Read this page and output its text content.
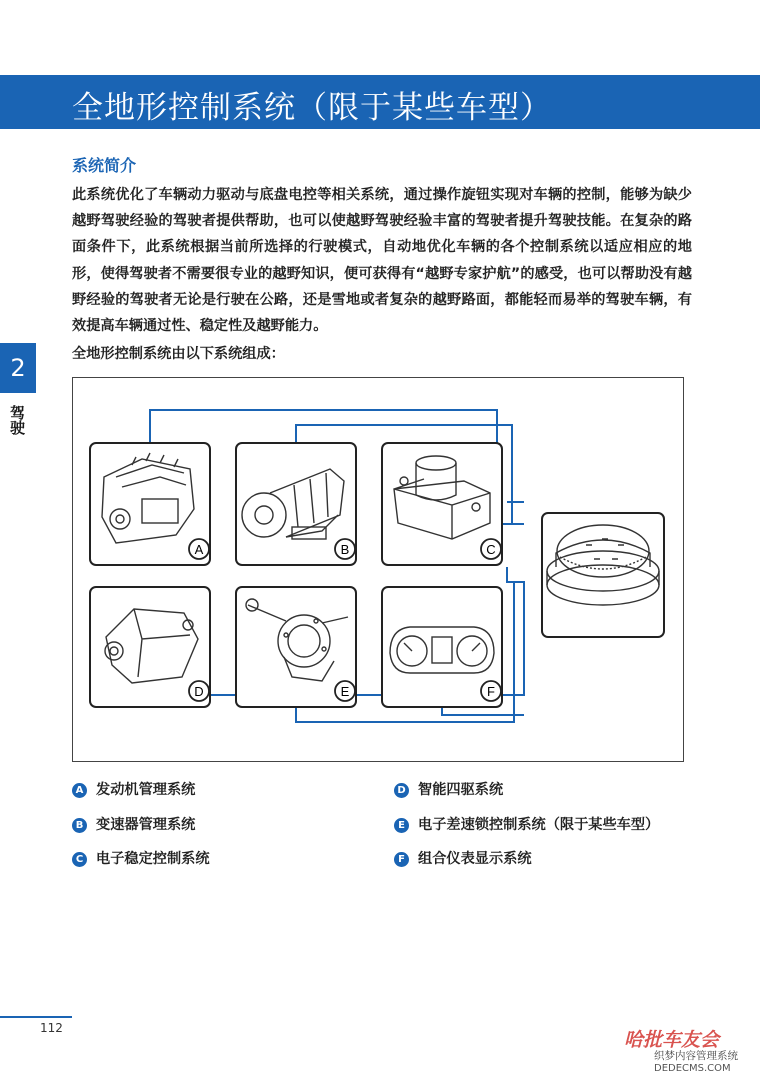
全地形控制系统（限于某些车型）
2
驾驶
系统简介
此系统优化了车辆动力驱动与底盘电控等相关系统，通过操作旋钮实现对车辆的控制，能够为缺少越野驾驶经验的驾驶者提供帮助，也可以使越野驾驶经验丰富的驾驶者提升驾驶技能。在复杂的路面条件下，此系统根据当前所选择的行驶模式，自动地优化车辆的各个控制系统以适应相应的地形，使得驾驶者不需要很专业的越野知识，便可获得有“越野专家护航”的感受，也可以帮助没有越野经验的驾驶者无论是行驶在公路，还是雪地或者复杂的越野路面，都能轻而易举的驾驶车辆，有效提高车辆通过性、稳定性及越野能力。
全地形控制系统由以下系统组成：
A	B	C
D	E	F
A 发动机管理系统
B 变速器管理系统
C 电子稳定控制系统
D 智能四驱系统
E 电子差速锁控制系统（限于某些车型）
F 组合仪表显示系统
112
哈批车友会
织梦内容管理系统
DEDECMS.COM
